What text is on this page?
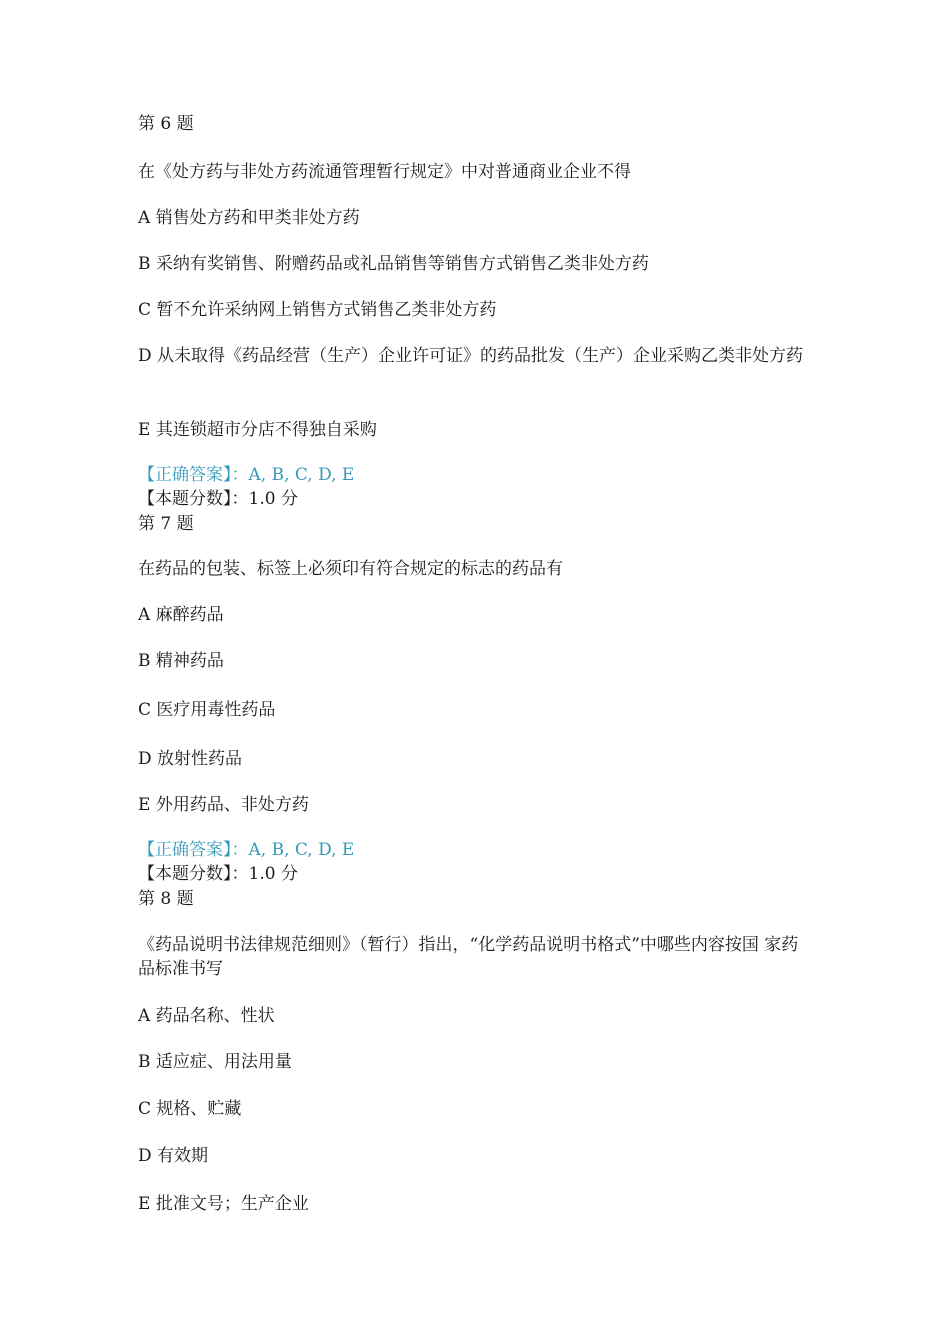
第 6 题
在《处方药与非处方药流通管理暂行规定》中对普通商业企业不得
A 销售处方药和甲类非处方药
B 采纳有奖销售、附赠药品或礼品销售等销售方式销售乙类非处方药
C 暂不允许采纳网上销售方式销售乙类非处方药
D 从未取得《药品经营（生产）企业许可证》的药品批发（生产）企业采购乙类非处方药
E 其连锁超市分店不得独自采购
【正确答案】：A, B, C, D, E
【本题分数】：1.0 分
第 7 题
在药品的包装、标签上必须印有符合规定的标志的药品有
A 麻醉药品
B 精神药品
C 医疗用毒性药品
D 放射性药品
E 外用药品、非处方药
【正确答案】：A, B, C, D, E
【本题分数】：1.0 分
第 8 题
《药品说明书法律规范细则》（暂行）指出，“化学药品说明书格式”中哪些内容按国 家药品标准书写
A 药品名称、性状
B 适应症、用法用量
C 规格、贮藏
D 有效期
E 批准文号；生产企业
